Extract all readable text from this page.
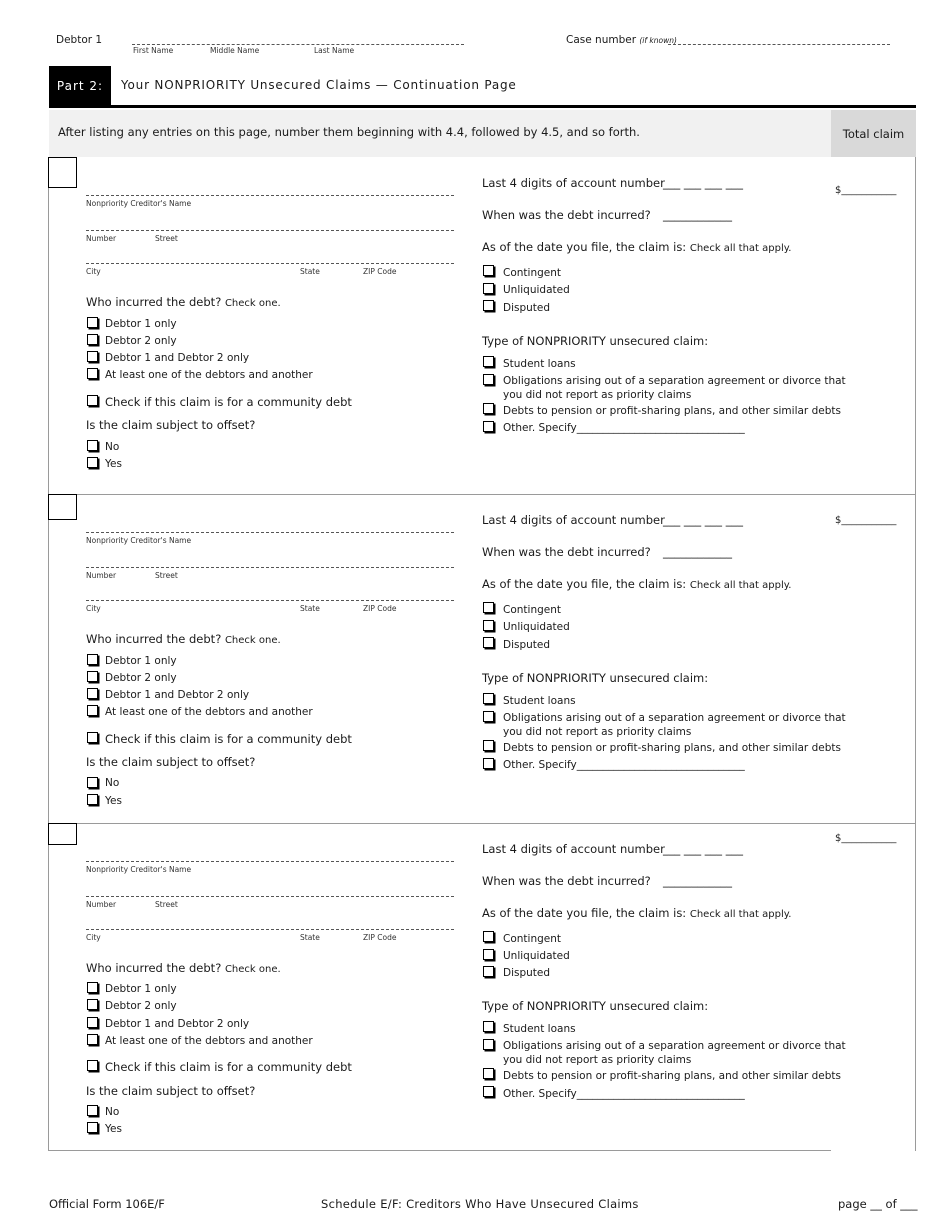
Debtor 1
First Name	Middle Name	Last Name
Case number (if known)
Part 2: Your NONPRIORITY Unsecured Claims — Continuation Page
After listing any entries on this page, number them beginning with 4.4, followed by 4.5, and so forth.	Total claim
Nonpriority Creditor's Name
Number	Street
City	State	ZIP Code
Who incurred the debt? Check one.
Debtor 1 only
Debtor 2 only
Debtor 1 and Debtor 2 only
At least one of the debtors and another
Check if this claim is for a community debt
Is the claim subject to offset?
No
Yes
Last 4 digits of account number
___ ___ ___ ___
When was the debt incurred? ____________
As of the date you file, the claim is: Check all that apply.
Contingent
Unliquidated
Disputed
Type of NONPRIORITY unsecured claim:
Student loans
Obligations arising out of a separation agreement or divorce that
you did not report as priority claims
Debts to pension or profit-sharing plans, and other similar debts
Other. Specify________________________________
$___________
Nonpriority Creditor's Name
Number	Street
City	State	ZIP Code
Who incurred the debt? Check one.
Debtor 1 only
Debtor 2 only
Debtor 1 and Debtor 2 only
At least one of the debtors and another
Check if this claim is for a community debt
Is the claim subject to offset?
No
Yes
Last 4 digits of account number
___ ___ ___ ___
When was the debt incurred? ____________
As of the date you file, the claim is: Check all that apply.
Contingent
Unliquidated
Disputed
Type of NONPRIORITY unsecured claim:
Student loans
Obligations arising out of a separation agreement or divorce that
you did not report as priority claims
Debts to pension or profit-sharing plans, and other similar debts
Other. Specify________________________________
$___________
Nonpriority Creditor's Name
Number	Street
City	State	ZIP Code
Who incurred the debt? Check one.
Debtor 1 only
Debtor 2 only
Debtor 1 and Debtor 2 only
At least one of the debtors and another
Check if this claim is for a community debt
Is the claim subject to offset?
No
Yes
Last 4 digits of account number
___ ___ ___ ___
When was the debt incurred? ____________
As of the date you file, the claim is: Check all that apply.
Contingent
Unliquidated
Disputed
Type of NONPRIORITY unsecured claim:
Student loans
Obligations arising out of a separation agreement or divorce that
you did not report as priority claims
Debts to pension or profit-sharing plans, and other similar debts
Other. Specify________________________________
$___________
Official Form 106E/F	Schedule E/F: Creditors Who Have Unsecured Claims	page __ of ___
